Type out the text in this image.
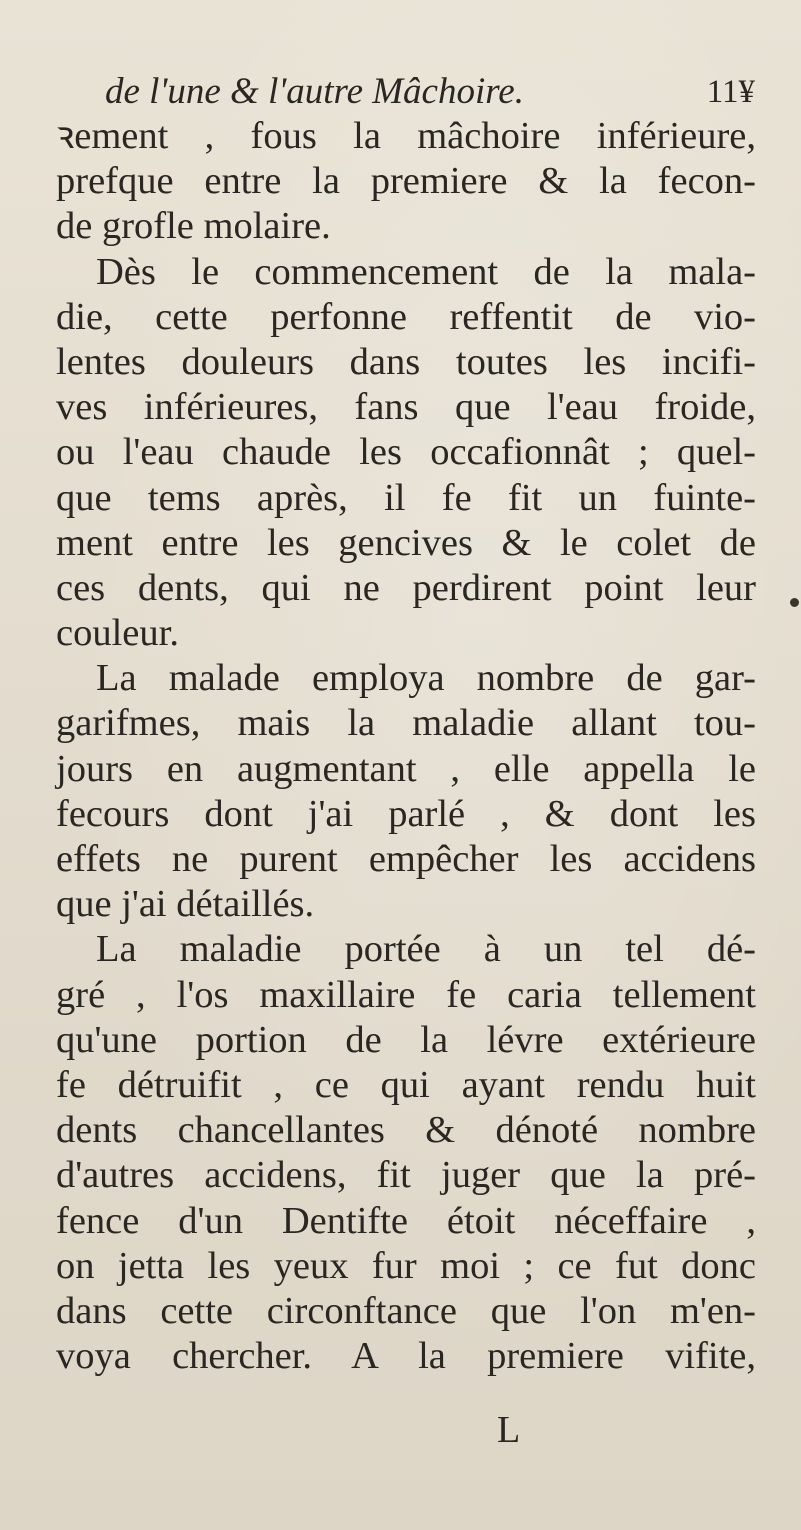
de l'une & l'autre Mâchoire.	11¥
ꝛement , fous la mâchoire inférieure,
prefque entre la premiere & la fecon-
de grofle molaire.
Dès le commencement de la mala-
die, cette perfonne reffentit de vio-
lentes douleurs dans toutes les incifi-
ves inférieures, fans que l'eau froide,
ou l'eau chaude les occafionnât ; quel-
que tems après, il fe fit un fuinte-
ment entre les gencives & le colet de
ces dents, qui ne perdirent point leur
couleur.
La malade employa nombre de gar-
garifmes, mais la maladie allant tou-
jours en augmentant , elle appella le
fecours dont j'ai parlé , & dont les
effets ne purent empêcher les accidens
que j'ai détaillés.
La maladie portée à un tel dé-
gré , l'os maxillaire fe caria tellement
qu'une portion de la lévre extérieure
fe détruifit , ce qui ayant rendu huit
dents chancellantes & dénoté nombre
d'autres accidens, fit juger que la pré-
fence d'un Dentifte étoit néceffaire ,
on jetta les yeux fur moi ; ce fut donc
dans cette circonftance que l'on m'en-
voya chercher. A la premiere vifite,
L
